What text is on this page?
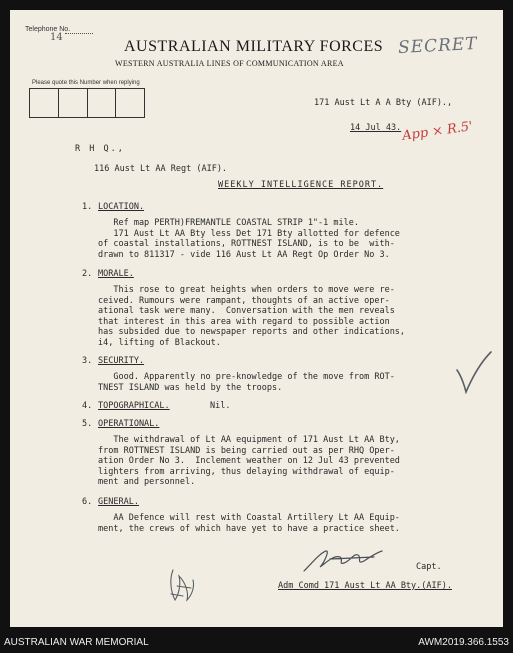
Telephone No.
14
AUSTRALIAN MILITARY FORCES
WESTERN AUSTRALIA LINES OF COMMUNICATION AREA
SECRET
Please quote this Number when replying
171 Aust Lt A A Bty (AIF).,
14 Jul 43. App × R.5'
R H Q.,
116 Aust Lt AA Regt (AIF).
WEEKLY INTELLIGENCE REPORT.
1. LOCATION.
Ref map PERTH)FREMANTLE COASTAL STRIP 1"-1 mile.
171 Aust Lt AA Bty less Det 171 Bty allotted for defence
of coastal installations, ROTTNEST ISLAND, is to be  with-
drawn to 811317 - vide 116 Aust Lt AA Regt Op Order No 3.
2. MORALE.
This rose to great heights when orders to move were re-
ceived. Rumours were rampant, thoughts of an active oper-
ational task were many.  Conversation with the men reveals
that interest in this area with regard to possible action
has subsided due to newspaper reports and other indications,
i4, lifting of Blackout.
3. SECURITY.
Good. Apparently no pre-knowledge of the move from ROT-
TNEST ISLAND was held by the troops.
4. TOPOGRAPHICAL.	Nil.
5. OPERATIONAL.
The withdrawal of Lt AA equipment of 171 Aust Lt AA Bty,
from ROTTNEST ISLAND is being carried out as per RHQ Oper-
ation Order No 3.  Inclement weather on 12 Jul 43 prevented
lighters from arriving, thus delaying withdrawal of equip-
ment and personnel.
6. GENERAL.
AA Defence will rest with Coastal Artillery Lt AA Equip-
ment, the crews of which have yet to have a practice sheet.
Capt.
Adm Comd 171 Aust Lt AA Bty.(AIF).
AUSTRALIAN WAR MEMORIAL	AWM2019.366.1553
